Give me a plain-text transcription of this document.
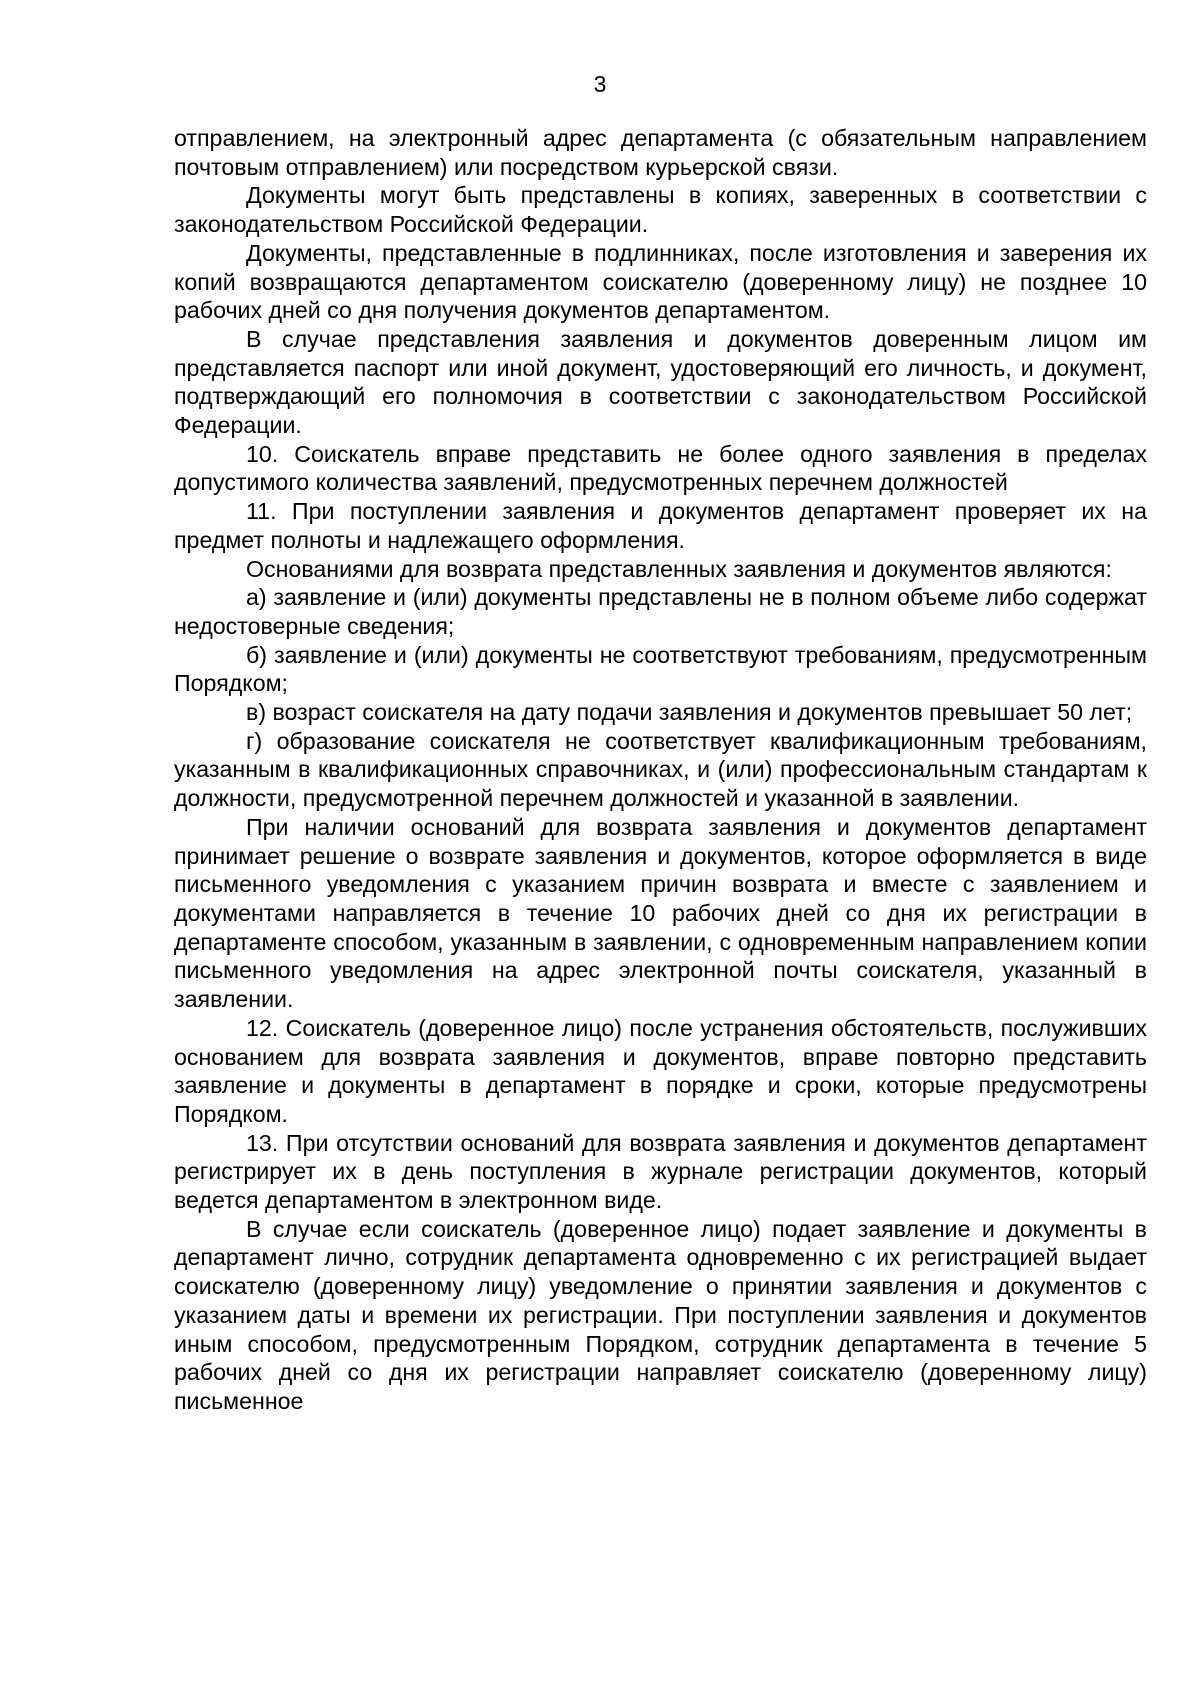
3

отправлением, на электронный адрес департамента (с обязательным направлением почтовым отправлением) или посредством курьерской связи.

Документы могут быть представлены в копиях, заверенных в соответствии с законодательством Российской Федерации.

Документы, представленные в подлинниках, после изготовления и заверения их копий возвращаются департаментом соискателю (доверенному лицу) не позднее 10 рабочих дней со дня получения документов департаментом.

В случае представления заявления и документов доверенным лицом им представляется паспорт или иной документ, удостоверяющий его личность, и документ, подтверждающий его полномочия в соответствии с законодательством Российской Федерации.

10. Соискатель вправе представить не более одного заявления в пределах допустимого количества заявлений, предусмотренных перечнем должностей

11. При поступлении заявления и документов департамент проверяет их на предмет полноты и надлежащего оформления.

Основаниями для возврата представленных заявления и документов являются:

а) заявление и (или) документы представлены не в полном объеме либо содержат недостоверные сведения;

б) заявление и (или) документы не соответствуют требованиям, предусмотренным Порядком;

в) возраст соискателя на дату подачи заявления и документов превышает 50 лет;

г) образование соискателя не соответствует квалификационным требованиям, указанным в квалификационных справочниках, и (или) профессиональным стандартам к должности, предусмотренной перечнем должностей и указанной в заявлении.

При наличии оснований для возврата заявления и документов департамент принимает решение о возврате заявления и документов, которое оформляется в виде письменного уведомления с указанием причин возврата и вместе с заявлением и документами направляется в течение 10 рабочих дней со дня их регистрации в департаменте способом, указанным в заявлении, с одновременным направлением копии письменного уведомления на адрес электронной почты соискателя, указанный в заявлении.

12. Соискатель (доверенное лицо) после устранения обстоятельств, послуживших основанием для возврата заявления и документов, вправе повторно представить заявление и документы в департамент в порядке и сроки, которые предусмотрены Порядком.

13. При отсутствии оснований для возврата заявления и документов департамент регистрирует их в день поступления в журнале регистрации документов, который ведется департаментом в электронном виде.

В случае если соискатель (доверенное лицо) подает заявление и документы в департамент лично, сотрудник департамента одновременно с их регистрацией выдает соискателю (доверенному лицу) уведомление о принятии заявления и документов с указанием даты и времени их регистрации. При поступлении заявления и документов иным способом, предусмотренным Порядком, сотрудник департамента в течение 5 рабочих дней со дня их регистрации направляет соискателю (доверенному лицу) письменное
